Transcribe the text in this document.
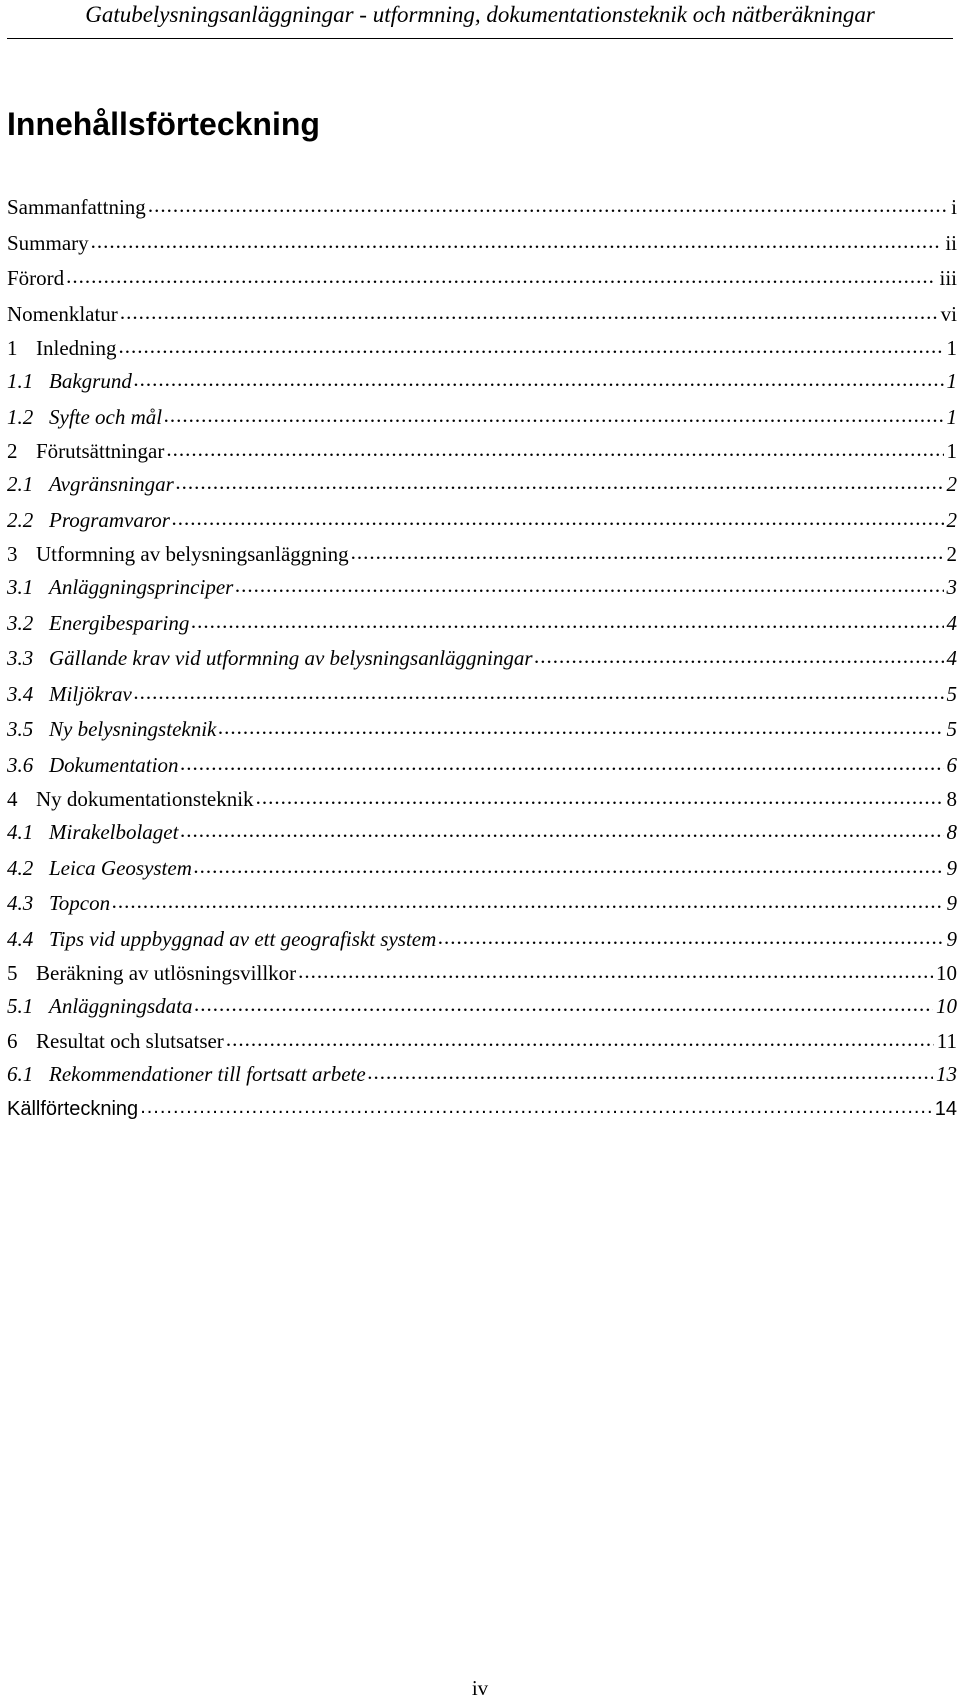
Gatubelysningsanläggningar - utformning, dokumentationsteknik och nätberäkningar
Innehållsförteckning
Sammanfattning .....	i
Summary .....	ii
Förord .....	iii
Nomenklatur .....	vi
1 Inledning .....	1
1.1 Bakgrund .....	1
1.2 Syfte och mål .....	1
2 Förutsättningar .....	1
2.1 Avgränsningar .....	2
2.2 Programvaror .....	2
3 Utformning av belysningsanläggning .....	2
3.1 Anläggningsprinciper .....	3
3.2 Energibesparing .....	4
3.3 Gällande krav vid utformning av belysningsanläggningar .....	4
3.4 Miljökrav .....	5
3.5 Ny belysningsteknik .....	5
3.6 Dokumentation .....	6
4 Ny dokumentationsteknik .....	8
4.1 Mirakelbolaget .....	8
4.2 Leica Geosystem .....	9
4.3 Topcon .....	9
4.4 Tips vid uppbyggnad av ett geografiskt system .....	9
5 Beräkning av utlösningsvillkor .....	10
5.1 Anläggningsdata .....	10
6 Resultat och slutsatser .....	11
6.1 Rekommendationer till fortsatt arbete .....	13
Källförteckning .....	14
iv
